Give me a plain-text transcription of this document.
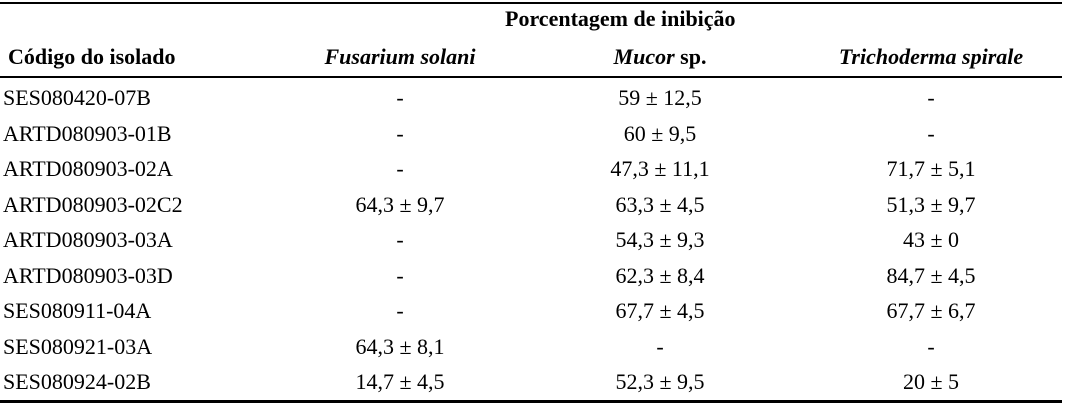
Porcentagem de inibição
Código do isolado	Fusarium solani	Mucor sp.	Trichoderma spirale
SES080420-07B	-	59 ± 12,5	-
ARTD080903-01B	-	60 ± 9,5	-
ARTD080903-02A	-	47,3 ± 11,1	71,7 ± 5,1
ARTD080903-02C2	64,3 ± 9,7	63,3 ± 4,5	51,3 ± 9,7
ARTD080903-03A	-	54,3 ± 9,3	43 ± 0
ARTD080903-03D	-	62,3 ± 8,4	84,7 ± 4,5
SES080911-04A	-	67,7 ± 4,5	67,7 ± 6,7
SES080921-03A	64,3 ± 8,1	-	-
SES080924-02B	14,7 ± 4,5	52,3 ± 9,5	20 ± 5
